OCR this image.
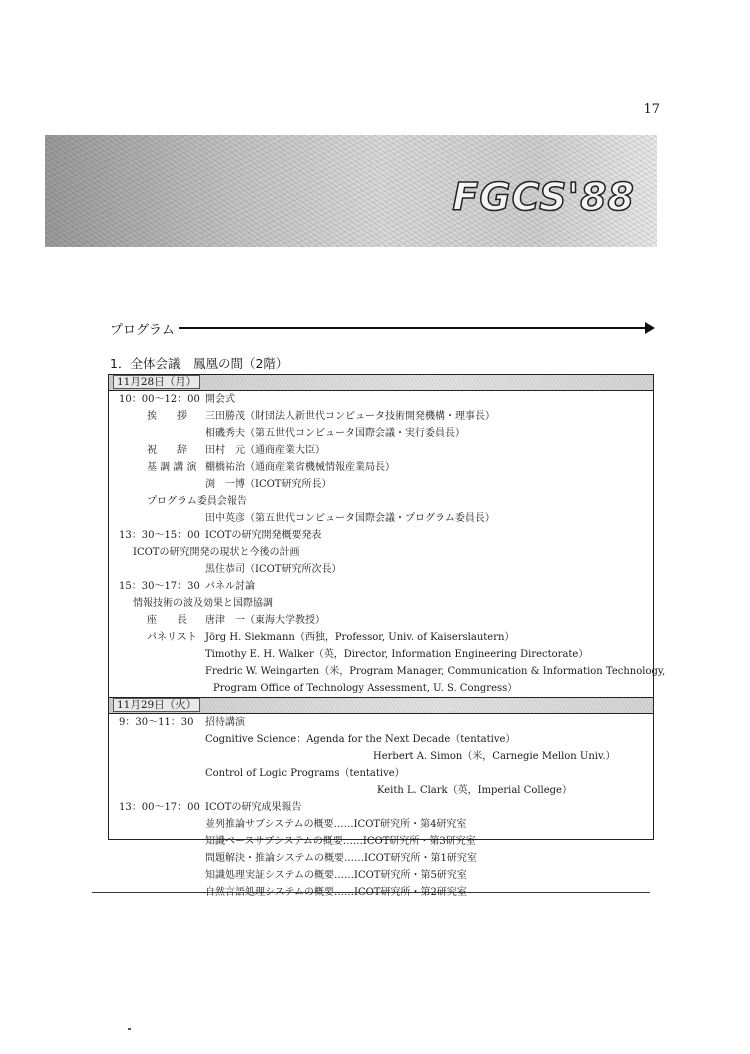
17
FGCS'88
プログラム
1．全体会議　鳳凰の間（2階）
11月28日（月）
10：00〜12：00 開会式
挨　　拶 三田勝茂（財団法人新世代コンピュータ技術開発機構・理事長）
相磯秀夫（第五世代コンピュータ国際会議・実行委員長）
祝　　辞 田村　元（通商産業大臣）
基 調 講 演 棚橋祐治（通商産業省機械情報産業局長）
渕　一博（ICOT研究所長）
プログラム委員会報告
田中英彦（第五世代コンピュータ国際会議・プログラム委員長）
13：30〜15：00 ICOTの研究開発概要発表
ICOTの研究開発の現状と今後の計画
黒住恭司（ICOT研究所次長）
15：30〜17：30 パネル討論
情報技術の波及効果と国際協調
座　　長 唐津　一（東海大学教授）
パネリスト Jörg H. Siekmann（西独，Professor, Univ. of Kaiserslautern）
Timothy E. H. Walker（英，Director, Information Engineering Directorate）
Fredric W. Weingarten（米，Program Manager, Communication & Information Technology,
Program Office of Technology Assessment, U. S. Congress）
11月29日（火）
9：30〜11：30 招待講演
Cognitive Science：Agenda for the Next Decade（tentative）
Herbert A. Simon（米，Carnegie Mellon Univ.）
Control of Logic Programs（tentative）
Keith L. Clark（英，Imperial College）
13：00〜17：00 ICOTの研究成果報告
並列推論サブシステムの概要……ICOT研究所・第4研究室
知識ベースサブシステムの概要……ICOT研究所・第3研究室
問題解決・推論システムの概要……ICOT研究所・第1研究室
知識処理実証システムの概要……ICOT研究所・第5研究室
